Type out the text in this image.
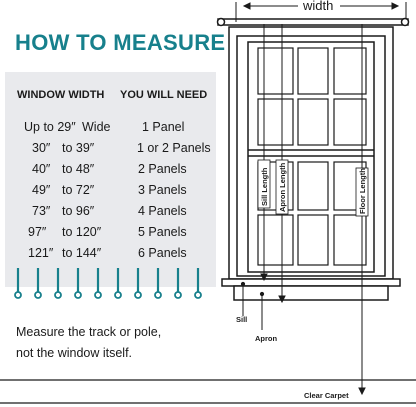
HOW TO MEASURE
WINDOW WIDTH YOU WILL NEED
Up to 29″ Wide	1 Panel
30″ to 39″	1 or 2 Panels
40″ to 48″	2 Panels
49″ to 72″	3 Panels
73″ to 96″	4 Panels
97″ to 120″	5 Panels
121″ to 144″	6 Panels
Measure the track or pole,
not the window itself.
width
Sill Length Apron Length	Floor Length
Sill
Apron
Clear Carpet
